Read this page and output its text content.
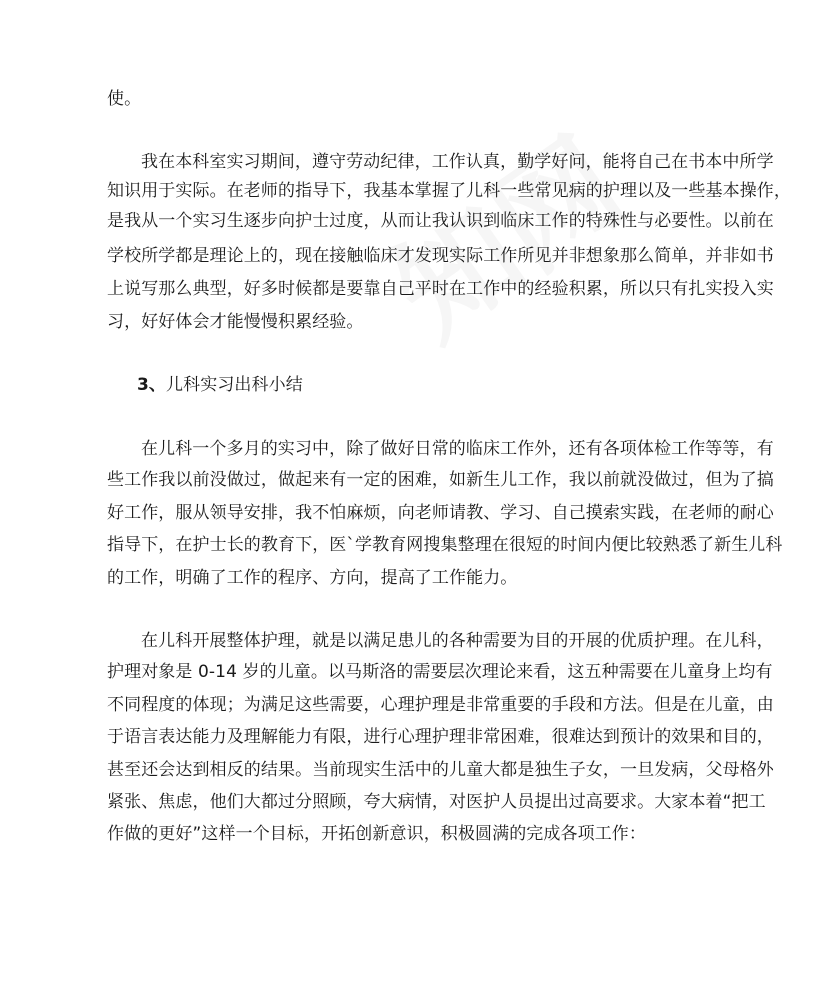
使。

我在本科室实习期间，遵守劳动纪律，工作认真，勤学好问，能将自己在书本中所学

知识用于实际。在老师的指导下，我基本掌握了儿科一些常见病的护理以及一些基本操作，

是我从一个实习生逐步向护士过度，从而让我认识到临床工作的特殊性与必要性。以前在

学校所学都是理论上的，现在接触临床才发现实际工作所见并非想象那么简单，并非如书

上说写那么典型，好多时候都是要靠自己平时在工作中的经验积累，所以只有扎实投入实

习，好好体会才能慢慢积累经验。

3、儿科实习出科小结

在儿科一个多月的实习中，除了做好日常的临床工作外，还有各项体检工作等等，有

些工作我以前没做过，做起来有一定的困难，如新生儿工作，我以前就没做过，但为了搞

好工作，服从领导安排，我不怕麻烦，向老师请教、学习、自己摸索实践，在老师的耐心

指导下，在护士长的教育下，医`学教育网搜集整理在很短的时间内便比较熟悉了新生儿科

的工作，明确了工作的程序、方向，提高了工作能力。

在儿科开展整体护理，就是以满足患儿的各种需要为目的开展的优质护理。在儿科，

护理对象是 0-14 岁的儿童。以马斯洛的需要层次理论来看，这五种需要在儿童身上均有

不同程度的体现；为满足这些需要，心理护理是非常重要的手段和方法。但是在儿童，由

于语言表达能力及理解能力有限，进行心理护理非常困难，很难达到预计的效果和目的，

甚至还会达到相反的结果。当前现实生活中的儿童大都是独生子女，一旦发病，父母格外

紧张、焦虑，他们大都过分照顾，夸大病情，对医护人员提出过高要求。大家本着“把工

作做的更好”这样一个目标，开拓创新意识，积极圆满的完成各项工作：
